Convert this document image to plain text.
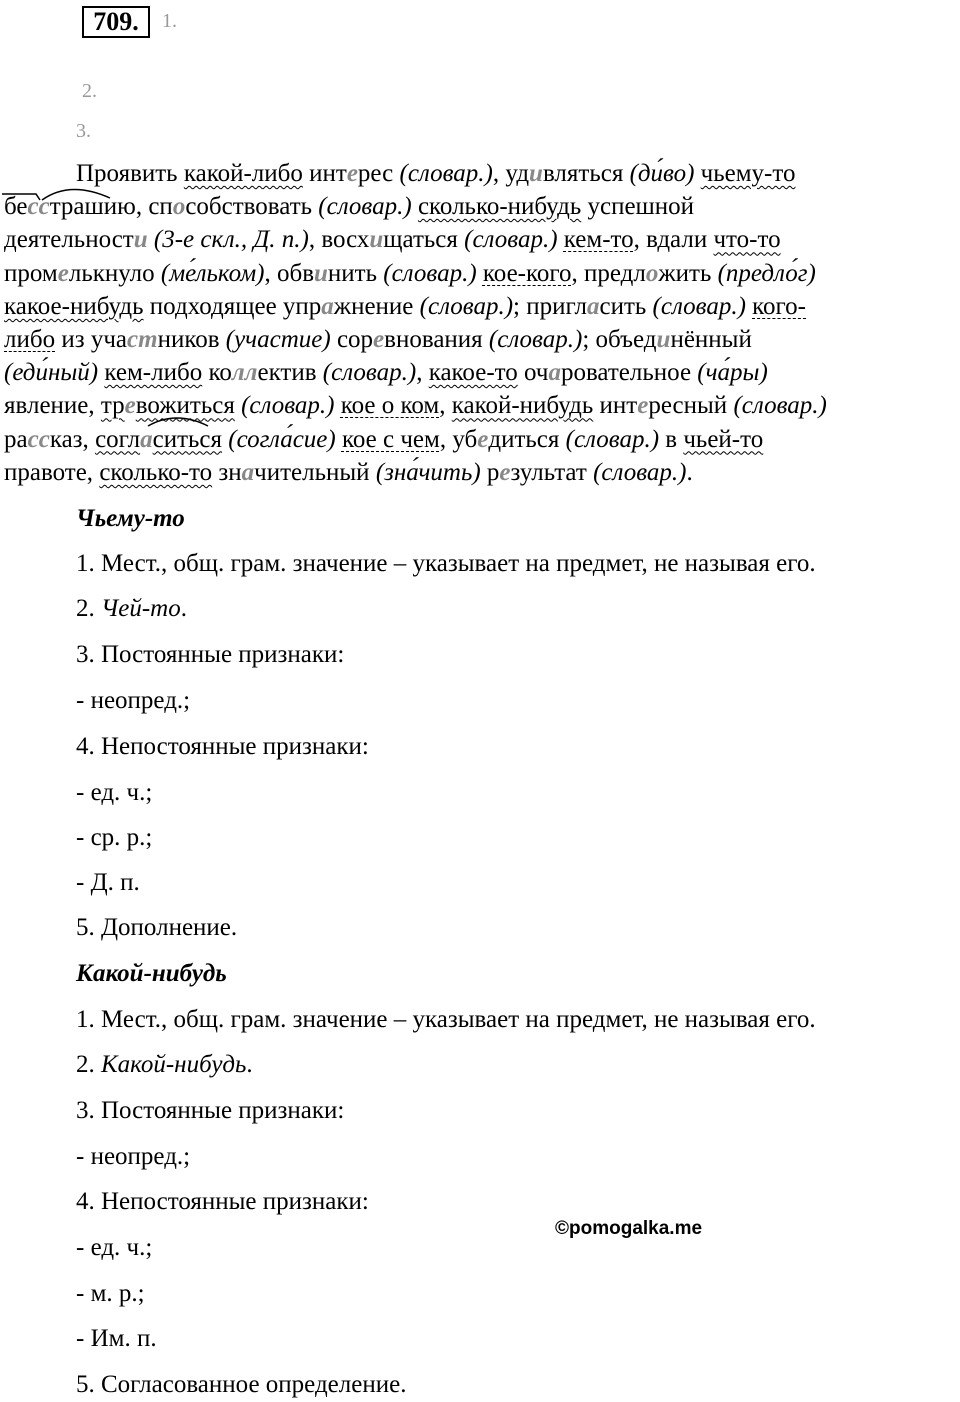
709.	1.
2.
3.
Проявить какой-либо интерес (словар.), удивляться (ди́во) чьему-то
бесстрашию, способствовать (словар.) сколько-нибудь успешной
деятельности (3-е скл., Д. п.), восхищаться (словар.) кем-то, вдали что-то
промелькнуло (ме́льком), обвинить (словар.) кое-кого, предложить (предло́г)
какое-нибудь подходящее упражнение (словар.); пригласить (словар.) кого-
либо из участников (участие) соревнования (словар.); объединённый
(еди́ный) кем-либо коллектив (словар.), какое-то очаровательное (ча́ры)
явление, тревожиться (словар.) кое о ком, какой-нибудь интересный (словар.)
рассказ, согласиться (согла́сие) кое с чем, убедиться (словар.) в чьей-то
правоте, сколько-то значительный (зна́чить) результат (словар.).
Чьему-то
1. Мест., общ. грам. значение – указывает на предмет, не называя его.
2. Чей-то.
3. Постоянные признаки:
- неопред.;
4. Непостоянные признаки:
- ед. ч.;
- ср. р.;
- Д. п.
5. Дополнение.
Какой-нибудь
1. Мест., общ. грам. значение – указывает на предмет, не называя его.
2. Какой-нибудь.
3. Постоянные признаки:
- неопред.;
4. Непостоянные признаки:
- ед. ч.;
- м. р.;
- Им. п.
5. Согласованное определение.
©pomogalka.me
